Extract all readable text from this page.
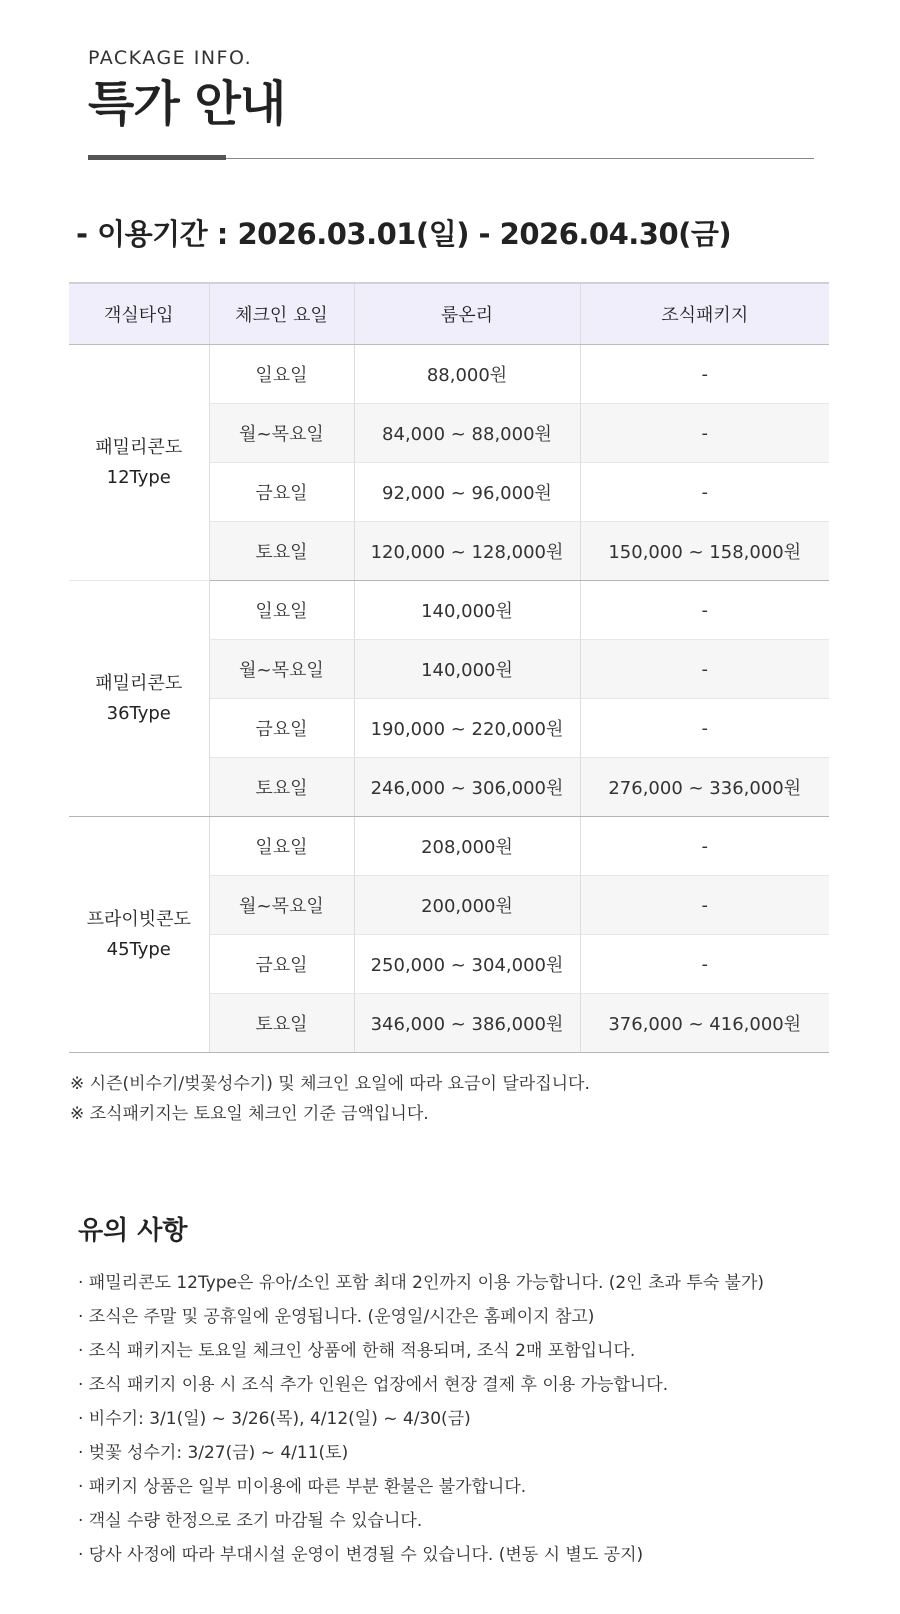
PACKAGE INFO.
특가 안내
- 이용기간 : 2026.03.01(일) - 2026.04.30(금)
객실타입	체크인 요일	룸온리	조식패키지

패밀리콘도
12Type	일요일	88,000원	-
	월~목요일	84,000 ~ 88,000원	-
	금요일	92,000 ~ 96,000원	-
	토요일	120,000 ~ 128,000원	150,000 ~ 158,000원

패밀리콘도
36Type	일요일	140,000원	-
	월~목요일	140,000원	-
	금요일	190,000 ~ 220,000원	-
	토요일	246,000 ~ 306,000원	276,000 ~ 336,000원

프라이빗콘도
45Type	일요일	208,000원	-
	월~목요일	200,000원	-
	금요일	250,000 ~ 304,000원	-
	토요일	346,000 ~ 386,000원	376,000 ~ 416,000원
※ 시즌(비수기/벚꽃성수기) 및 체크인 요일에 따라 요금이 달라집니다.
※ 조식패키지는 토요일 체크인 기준 금액입니다.
유의 사항
· 패밀리콘도 12Type은 유아/소인 포함 최대 2인까지 이용 가능합니다. (2인 초과 투숙 불가)
· 조식은 주말 및 공휴일에 운영됩니다. (운영일/시간은 홈페이지 참고)
· 조식 패키지는 토요일 체크인 상품에 한해 적용되며, 조식 2매 포함입니다.
· 조식 패키지 이용 시 조식 추가 인원은 업장에서 현장 결제 후 이용 가능합니다.
· 비수기: 3/1(일) ~ 3/26(목), 4/12(일) ~ 4/30(금)
· 벚꽃 성수기: 3/27(금) ~ 4/11(토)
· 패키지 상품은 일부 미이용에 따른 부분 환불은 불가합니다.
· 객실 수량 한정으로 조기 마감될 수 있습니다.
· 당사 사정에 따라 부대시설 운영이 변경될 수 있습니다. (변동 시 별도 공지)
